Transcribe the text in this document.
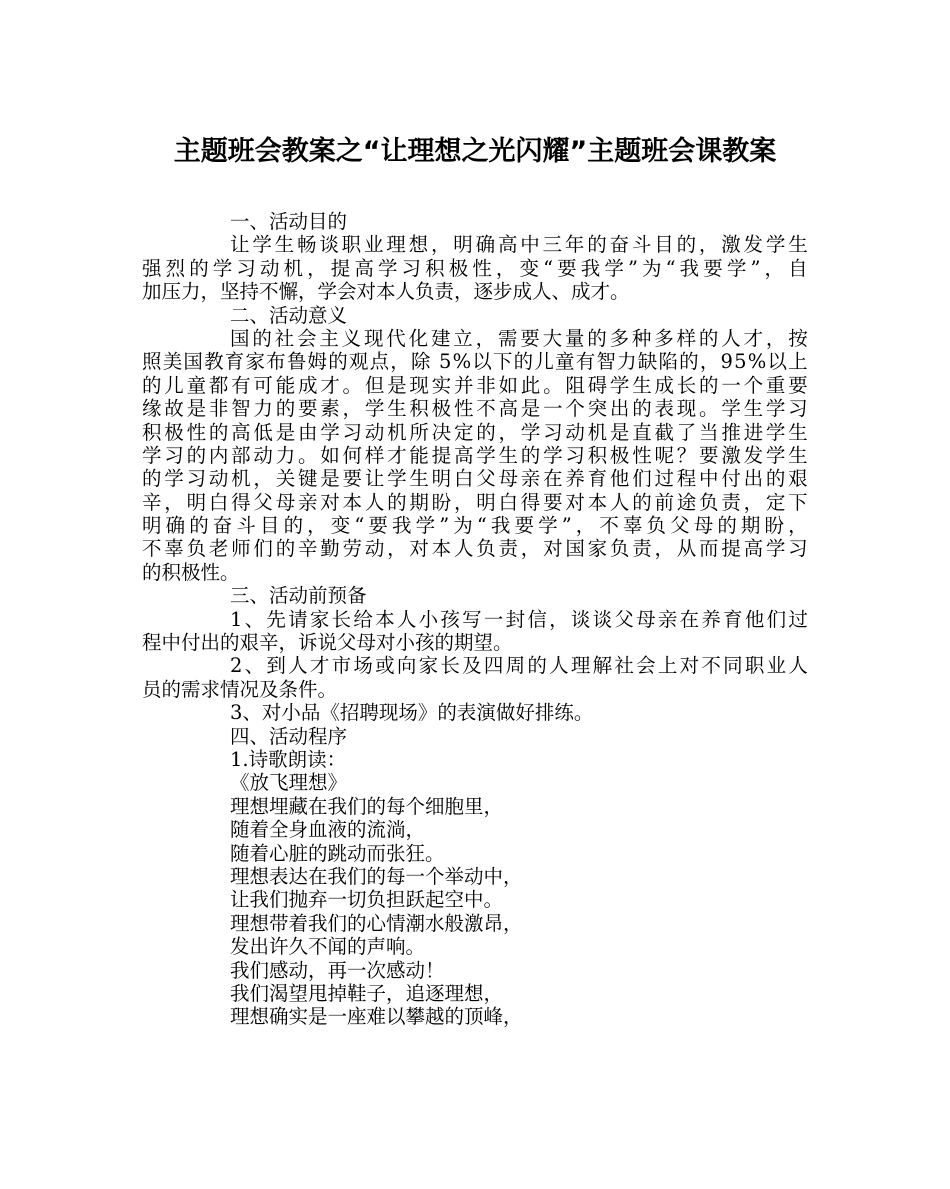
主题班会教案之“让理想之光闪耀”主题班会课教案
一、活动目的
让 学 生 畅 谈 职 业 理 想 ， 明 确 高 中 三 年 的 奋 斗 目 的 ， 激 发 学 生
强 烈 的 学 习 动 机 ， 提 高 学 习 积 极 性 ， 变 “ 要 我 学 ” 为 “ 我 要 学 ” ， 自
加压力，坚持不懈，学会对本人负责，逐步成人、成才。
二、活动意义
国 的 社 会 主 义 现 代 化 建 立 ， 需 要 大 量 的 多 种 多 样 的 人 才 ， 按
照 美 国 教 育 家 布 鲁 姆 的 观 点 ， 除
5 % 以 下 的 儿 童 有 智 力 缺 陷 的 ， 9 5 % 以 上
的 儿 童 都 有 可 能 成 才 。 但 是 现 实 并 非 如 此 。 阻 碍 学 生 成 长 的 一 个 重 要
缘 故 是 非 智 力 的 要 素 ， 学 生 积 极 性 不 高 是 一 个 突 出 的 表 现 。 学 生 学 习
积 极 性 的 高 低 是 由 学 习 动 机 所 决 定 的 ， 学 习 动 机 是 直 截 了 当 推 进 学 生
学 习 的 内 部 动 力 。 如 何 样 才 能 提 高 学 生 的 学 习 积 极 性 呢 ？ 要 激 发 学 生
的 学 习 动 机 ， 关 键 是 要 让 学 生 明 白 父 母 亲 在 养 育 他 们 过 程 中 付 出 的 艰
辛 ， 明 白 得 父 母 亲 对 本 人 的 期 盼 ， 明 白 得 要 对 本 人 的 前 途 负 责 ， 定 下
明 确 的 奋 斗 目 的 ， 变 “ 要 我 学 ” 为 “ 我 要 学 ” ， 不 辜 负 父 母 的 期 盼 ，
不 辜 负 老 师 们 的 辛 勤 劳 动 ， 对 本 人 负 责 ， 对 国 家 负 责 ， 从 而 提 高 学 习
的积极性。
三、活动前预备
1 、 先 请 家 长 给 本 人 小 孩 写 一 封 信 ， 谈 谈 父 母 亲 在 养 育 他 们 过
程中付出的艰辛，诉说父母对小孩的期望。
2 、 到 人 才 市 场 或 向 家 长 及 四 周 的 人 理 解 社 会 上 对 不 同 职 业 人
员的需求情况及条件。
3、对小品《招聘现场》的表演做好排练。
四、活动程序
1.诗歌朗读：
《放飞理想》
理想埋藏在我们的每个细胞里，
随着全身血液的流淌，
随着心脏的跳动而张狂。
理想表达在我们的每一个举动中，
让我们抛弃一切负担跃起空中。
理想带着我们的心情潮水般激昂，
发出许久不闻的声响。
我们感动，再一次感动！
我们渴望甩掉鞋子，追逐理想，
理想确实是一座难以攀越的顶峰，
